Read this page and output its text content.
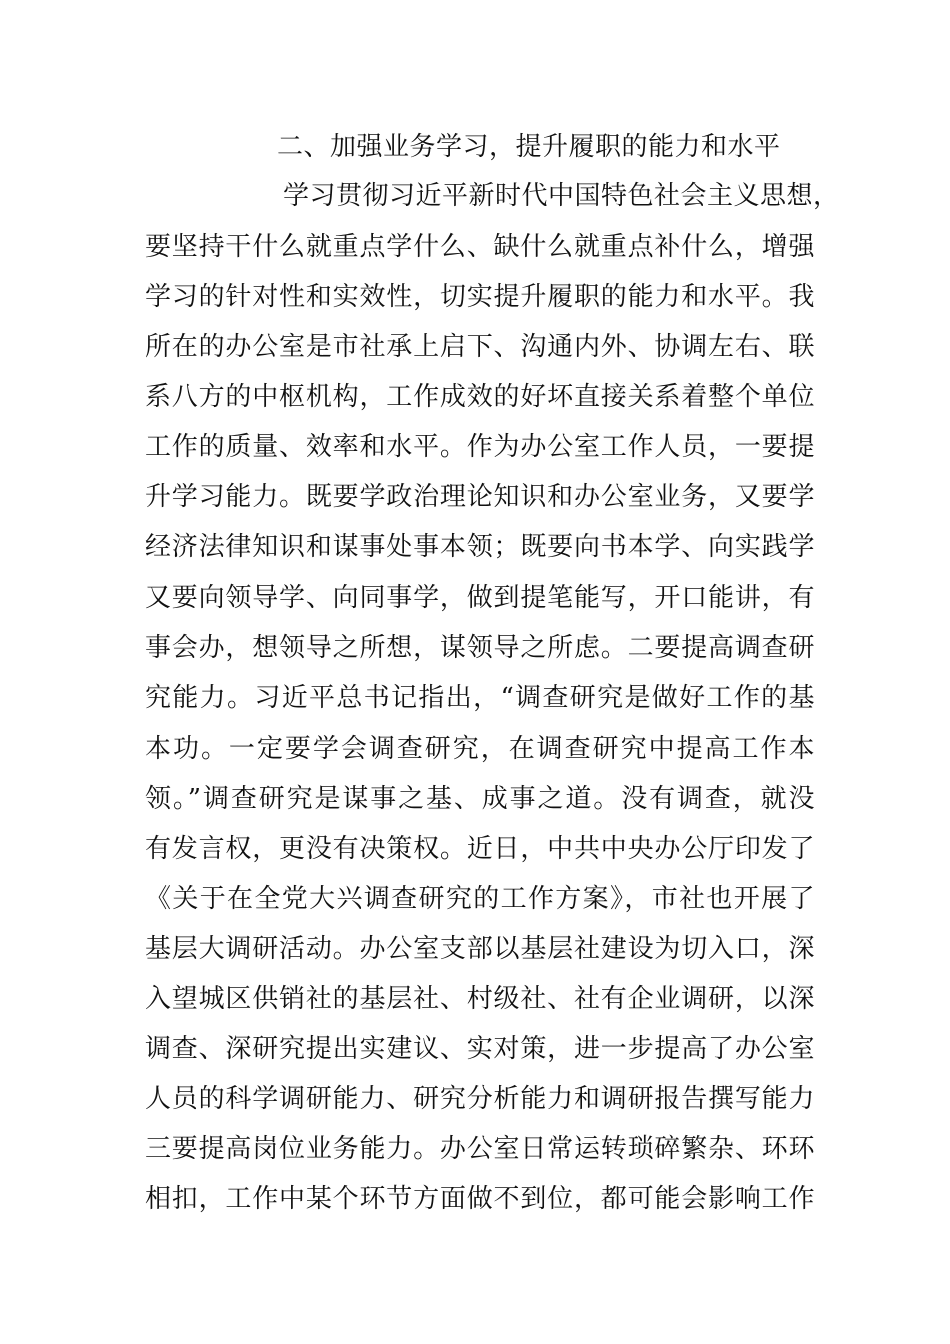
二、加强业务学习，提升履职的能力和水平
学习贯彻习近平新时代中国特色社会主义思想，
要坚持干什么就重点学什么、缺什么就重点补什么，增强
学习的针对性和实效性，切实提升履职的能力和水平。我
所在的办公室是市社承上启下、沟通内外、协调左右、联
系八方的中枢机构，工作成效的好坏直接关系着整个单位
工作的质量、效率和水平。作为办公室工作人员，一要提
升学习能力。既要学政治理论知识和办公室业务，又要学
经济法律知识和谋事处事本领；既要向书本学、向实践学
又要向领导学、向同事学，做到提笔能写，开口能讲，有
事会办，想领导之所想，谋领导之所虑。二要提高调查研
究能力。习近平总书记指出，“调查研究是做好工作的基
本功。一定要学会调查研究，在调查研究中提高工作本
领。”调查研究是谋事之基、成事之道。没有调查，就没
有发言权，更没有决策权。近日，中共中央办公厅印发了
《关于在全党大兴调查研究的工作方案》，市社也开展了
基层大调研活动。办公室支部以基层社建设为切入口，深
入望城区供销社的基层社、村级社、社有企业调研，以深
调查、深研究提出实建议、实对策，进一步提高了办公室
人员的科学调研能力、研究分析能力和调研报告撰写能力
三要提高岗位业务能力。办公室日常运转琐碎繁杂、环环
相扣，工作中某个环节方面做不到位，都可能会影响工作
